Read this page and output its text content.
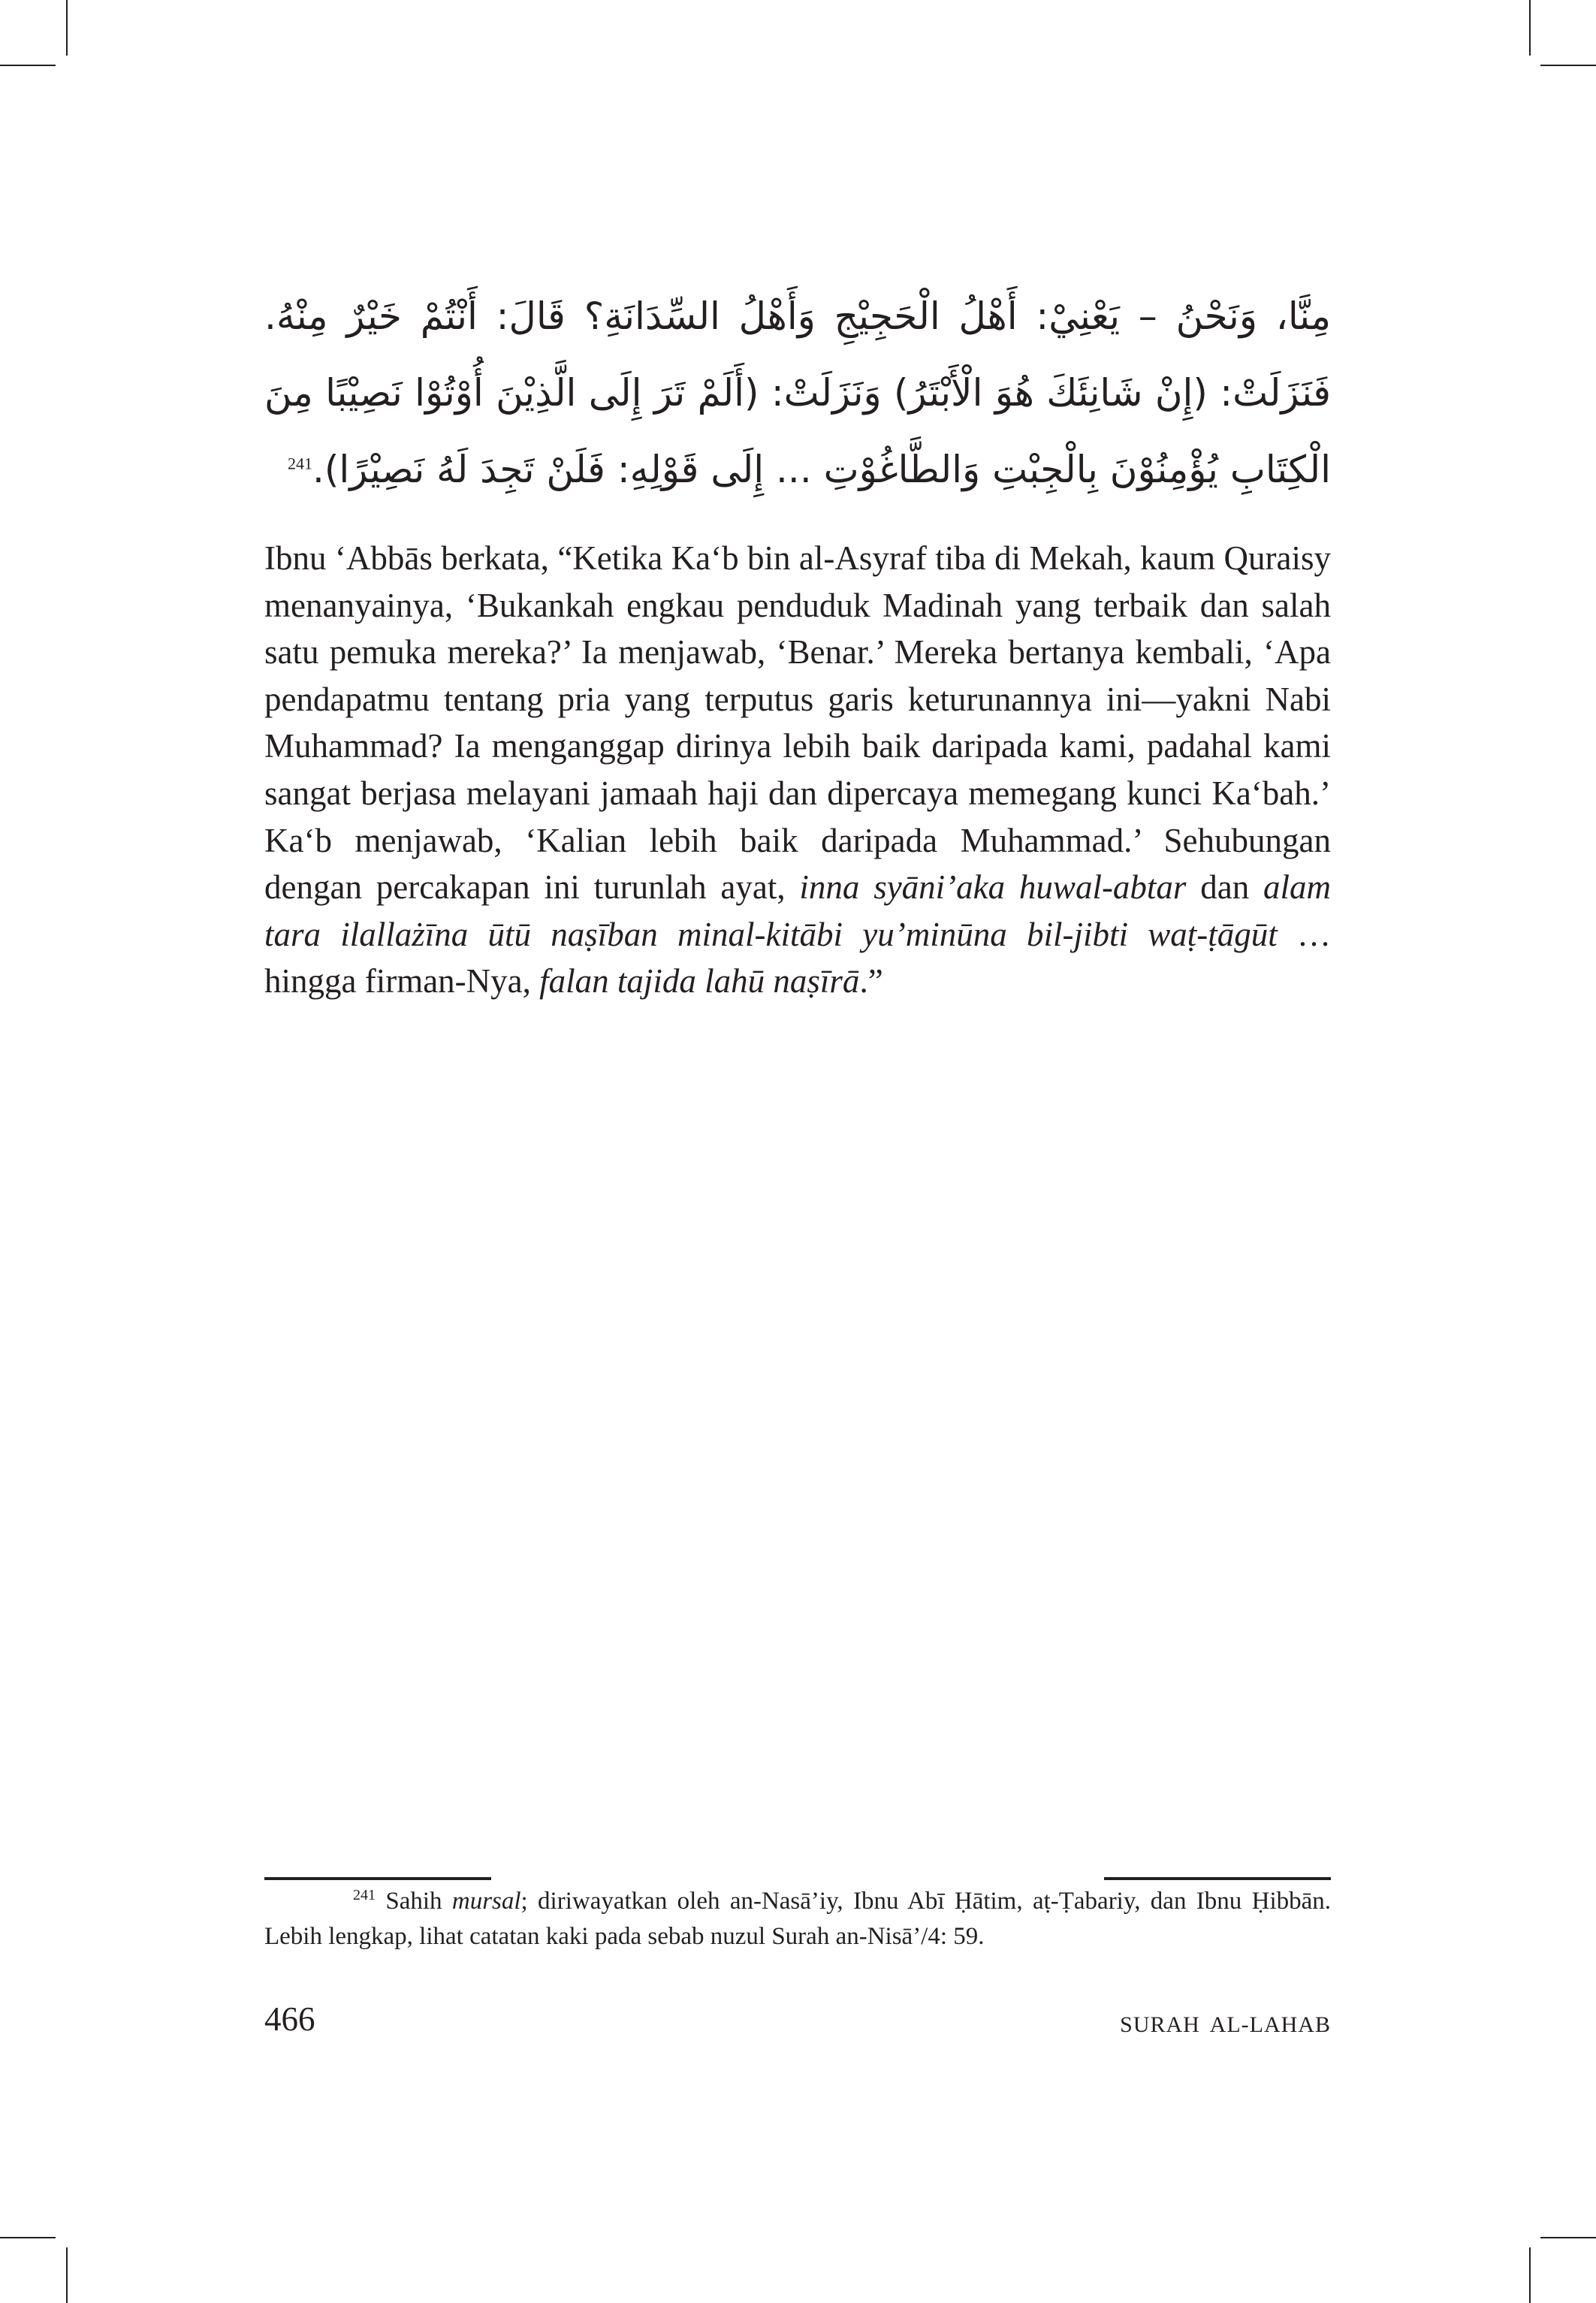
مِنَّا، وَنَحْنُ – يَعْنِيْ: أَهْلُ الْحَجِيْجِ وَأَهْلُ السِّدَانَةِ؟ قَالَ: أَنْتُمْ خَيْرٌ مِنْهُ. فَنَزَلَتْ: (إِنْ شَانِئَكَ هُوَ الْأَبْتَرُ) وَنَزَلَتْ: (أَلَمْ تَرَ إِلَى الَّذِيْنَ أُوْتُوْا نَصِيْبًا مِنَ الْكِتَابِ يُؤْمِنُوْنَ بِالْجِبْتِ وَالطَّاغُوْتِ ... إِلَى قَوْلِهِ: فَلَنْ تَجِدَ لَهُ نَصِيْرًا).$^{241}$

Ibnu ‘Abbās berkata, “Ketika Ka‘b bin al-Asyraf tiba di Mekah, kaum Quraisy menanyainya, ‘Bukankah engkau penduduk Madinah yang terbaik dan salah satu pemuka mereka?’ Ia menjawab, ‘Benar.’ Mereka bertanya kembali, ‘Apa pendapatmu tentang pria yang terputus garis keturunannya ini—yakni Nabi Muhammad? Ia menganggap dirinya lebih baik daripada kami, padahal kami sangat berjasa melayani jamaah haji dan dipercaya memegang kunci Ka‘bah.’ Ka‘b menjawab, ‘Kalian lebih baik daripada Muhammad.’ Sehubungan dengan percakapan ini turunlah ayat, inna syāni’aka huwal-abtar dan alam tara ilallażīna ūtū naṣīban minal-kitābi yu’minūna bil-jibti waṭ-ṭāgūt … hingga firman-Nya, falan tajida lahū naṣīrā.”

$^{241}$ Sahih mursal; diriwayatkan oleh an-Nasā’iy, Ibnu Abī Ḥātim, aṭ-Ṭabariy, dan Ibnu Ḥibbān. Lebih lengkap, lihat catatan kaki pada sebab nuzul Surah an-Nisā’/4: 59.

466	SURAH AL-LAHAB
